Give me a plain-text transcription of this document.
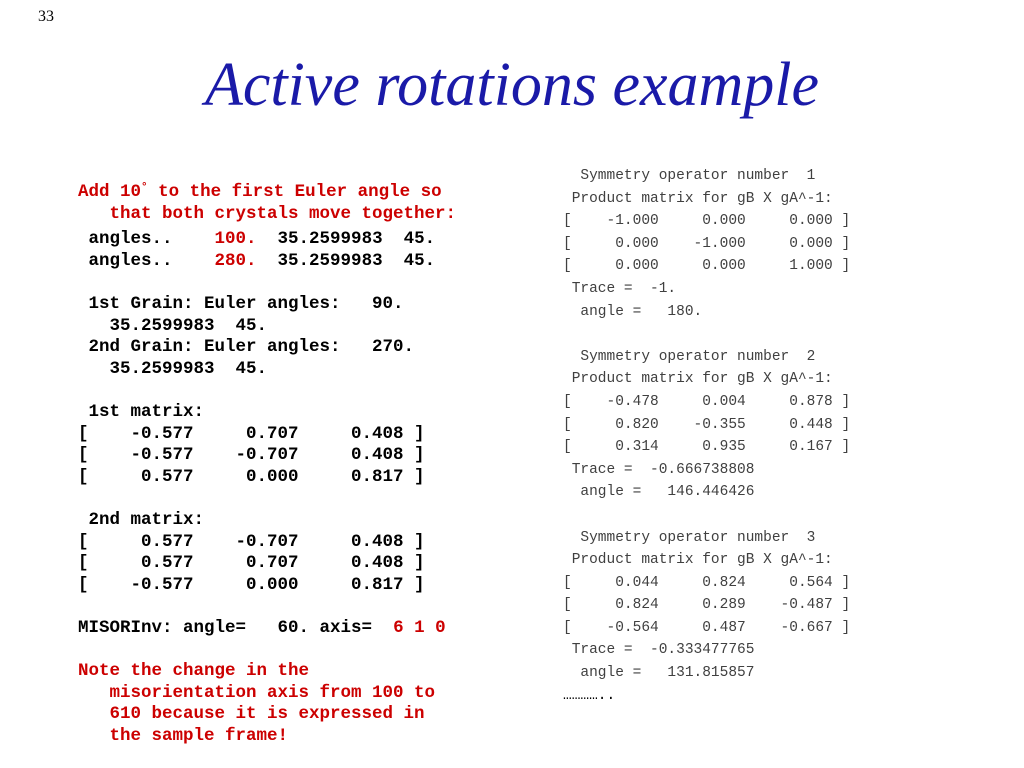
33
Active rotations example
Add 10° to the first Euler angle so
that both crystals move together:
angles..    100.  35.2599983  45.
angles..    280.  35.2599983  45.
1st Grain: Euler angles:   90.
35.2599983  45.
2nd Grain: Euler angles:   270.
35.2599983  45.
1st matrix:
[    -0.577     0.707     0.408 ]
[    -0.577    -0.707     0.408 ]
[     0.577     0.000     0.817 ]
2nd matrix:
[     0.577    -0.707     0.408 ]
[     0.577     0.707     0.408 ]
[    -0.577     0.000     0.817 ]
MISORInv: angle=   60. axis=  6 1 0
Note the change in the
misorientation axis from 100 to
610 because it is expressed in
the sample frame!
Symmetry operator number  1
Product matrix for gB X gA^-1:
[    -1.000     0.000     0.000 ]
[     0.000    -1.000     0.000 ]
[     0.000     0.000     1.000 ]
Trace =  -1.
angle =   180.
Symmetry operator number  2
Product matrix for gB X gA^-1:
[    -0.478     0.004     0.878 ]
[     0.820    -0.355     0.448 ]
[     0.314     0.935     0.167 ]
Trace =  -0.666738808
angle =   146.446426
Symmetry operator number  3
Product matrix for gB X gA^-1:
[     0.044     0.824     0.564 ]
[     0.824     0.289    -0.487 ]
[    -0.564     0.487    -0.667 ]
Trace =  -0.333477765
angle =   131.815857
…………..
